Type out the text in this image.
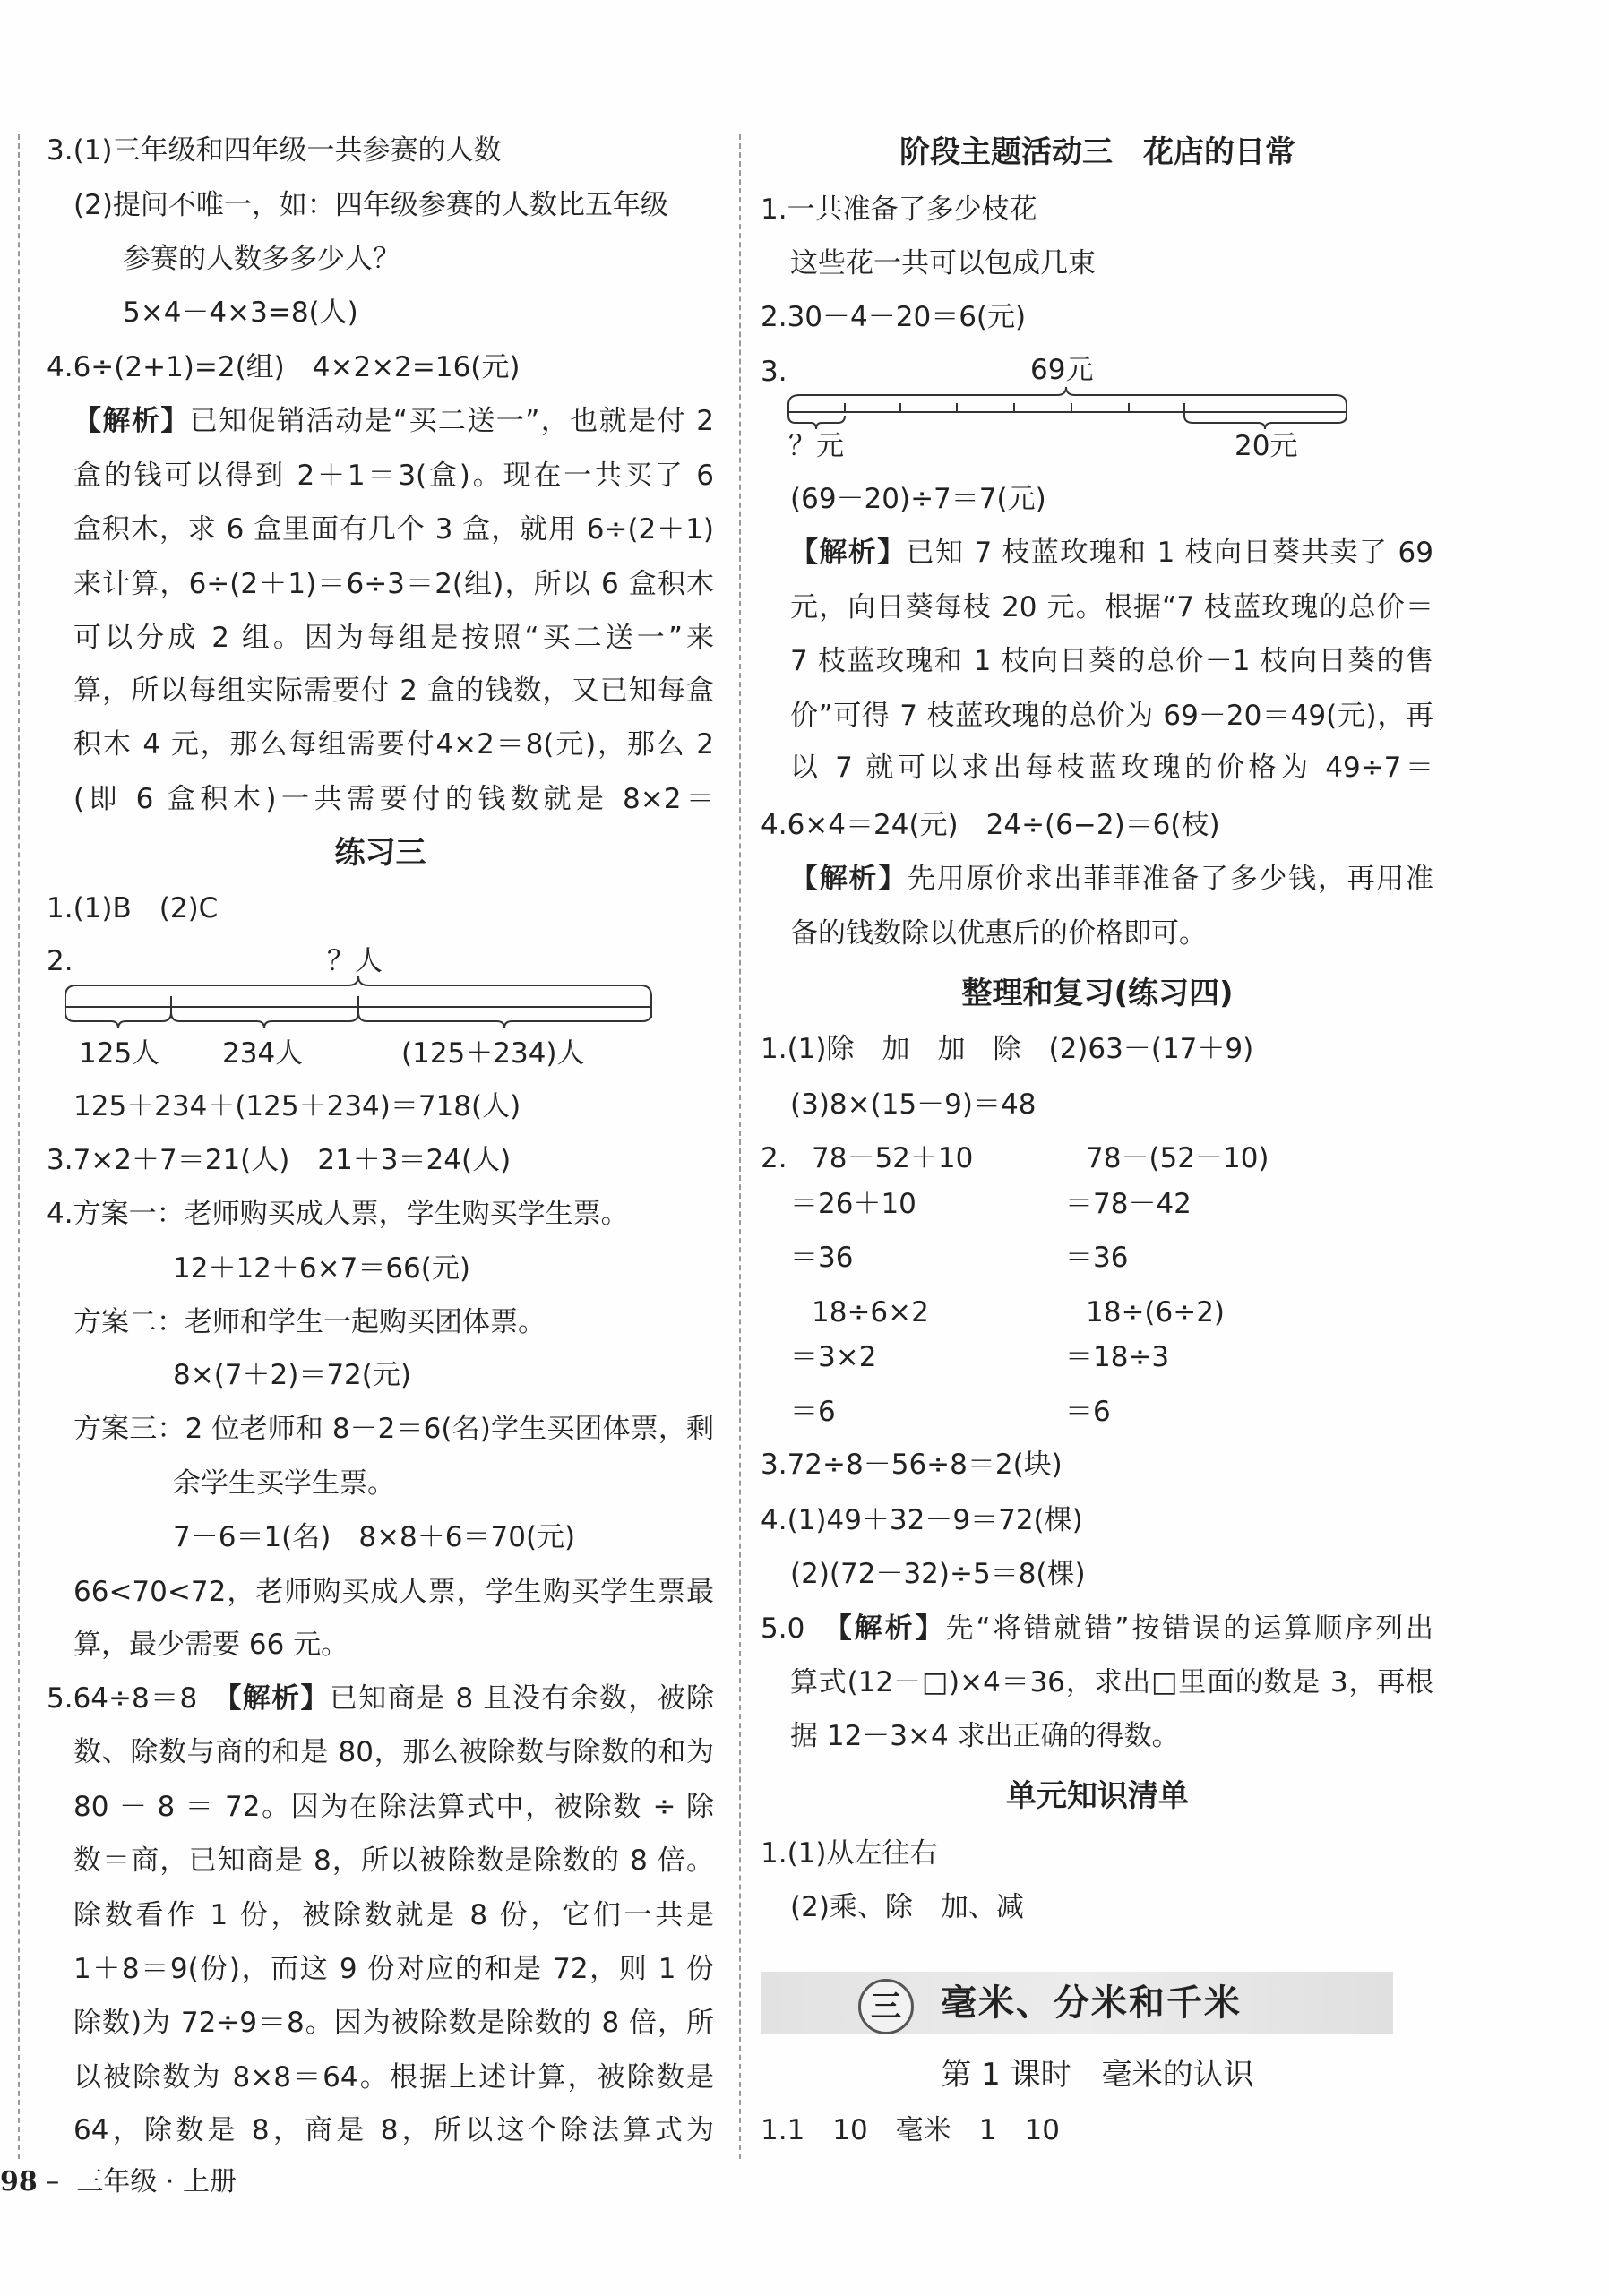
3.(1)三年级和四年级一共参赛的人数
(2)提问不唯一，如：四年级参赛的人数比五年级
参赛的人数多多少人？
5×4－4×3=8(人)
4.6÷(2+1)=2(组)　4×2×2=16(元)
【解析】已知促销活动是“买二送一”，也就是付 2
盒的钱可以得到 2＋1＝3(盒)。现在一共买了 6
盒积木，求 6 盒里面有几个 3 盒，就用 6÷(2＋1)
来计算，6÷(2＋1)＝6÷3＝2(组)，所以 6 盒积木
可以分成 2 组。因为每组是按照“买二送一”来
算，所以每组实际需要付 2 盒的钱数，又已知每盒
积木 4 元，那么每组需要付4×2＝8(元)，那么 2
(即 6 盒积木)一共需要付的钱数就是 8×2＝
练习三
1.(1)B　(2)C
2.	？人
125人 234人	(125＋234)人
125＋234＋(125＋234)＝718(人)
3.7×2＋7＝21(人)　21＋3＝24(人)
4.方案一：老师购买成人票，学生购买学生票。
12＋12＋6×7＝66(元)
方案二：老师和学生一起购买团体票。
8×(7＋2)＝72(元)
方案三：2 位老师和 8－2＝6(名)学生买团体票，剩
余学生买学生票。
7－6＝1(名)　8×8＋6＝70(元)
66<70<72，老师购买成人票，学生购买学生票最
算，最少需要 66 元。
5.64÷8＝8　【解析】已知商是 8 且没有余数，被除
数、除数与商的和是 80，那么被除数与除数的和为
80 － 8 ＝ 72。因为在除法算式中，被除数 ÷ 除
数＝商，已知商是 8，所以被除数是除数的 8 倍。
除数看作 1 份，被除数就是 8 份，它们一共是
1＋8＝9(份)，而这 9 份对应的和是 72，则 1 份
除数)为 72÷9＝8。因为被除数是除数的 8 倍，所
以被除数为 8×8＝64。根据上述计算，被除数是
64，除数是 8，商是 8，所以这个除法算式为
98 – 三年级 · 上册
阶段主题活动三　花店的日常
1.一共准备了多少枝花
这些花一共可以包成几束
2.30－4－20＝6(元)
3.	69元
？元	20元
(69－20)÷7＝7(元)
【解析】已知 7 枝蓝玫瑰和 1 枝向日葵共卖了 69
元，向日葵每枝 20 元。根据“7 枝蓝玫瑰的总价＝
7 枝蓝玫瑰和 1 枝向日葵的总价－1 枝向日葵的售
价”可得 7 枝蓝玫瑰的总价为 69－20＝49(元)，再
以 7 就可以求出每枝蓝玫瑰的价格为 49÷7＝
4.6×4＝24(元)　24÷(6−2)＝6(枝)
【解析】先用原价求出菲菲准备了多少钱，再用准
备的钱数除以优惠后的价格即可。
整理和复习(练习四)
1.(1)除　加　加　除　(2)63－(17＋9)
(3)8×(15－9)＝48
2. 78－52＋10
＝26＋10
＝36
18÷6×2
＝3×2
＝6
78－(52－10)
＝78－42
＝36
18÷(6÷2)
＝18÷3
＝6
3.72÷8－56÷8＝2(块)
4.(1)49＋32－9＝72(棵)
(2)(72－32)÷5＝8(棵)
5.0　【解析】先“将错就错”按错误的运算顺序列出
算式(12－□)×4＝36，求出□里面的数是 3，再根
据 12－3×4 求出正确的得数。
单元知识清单
1.(1)从左往右
(2)乘、除　加、减
三	毫米、分米和千米
第 1 课时　毫米的认识
1.1　10　毫米　1　10
